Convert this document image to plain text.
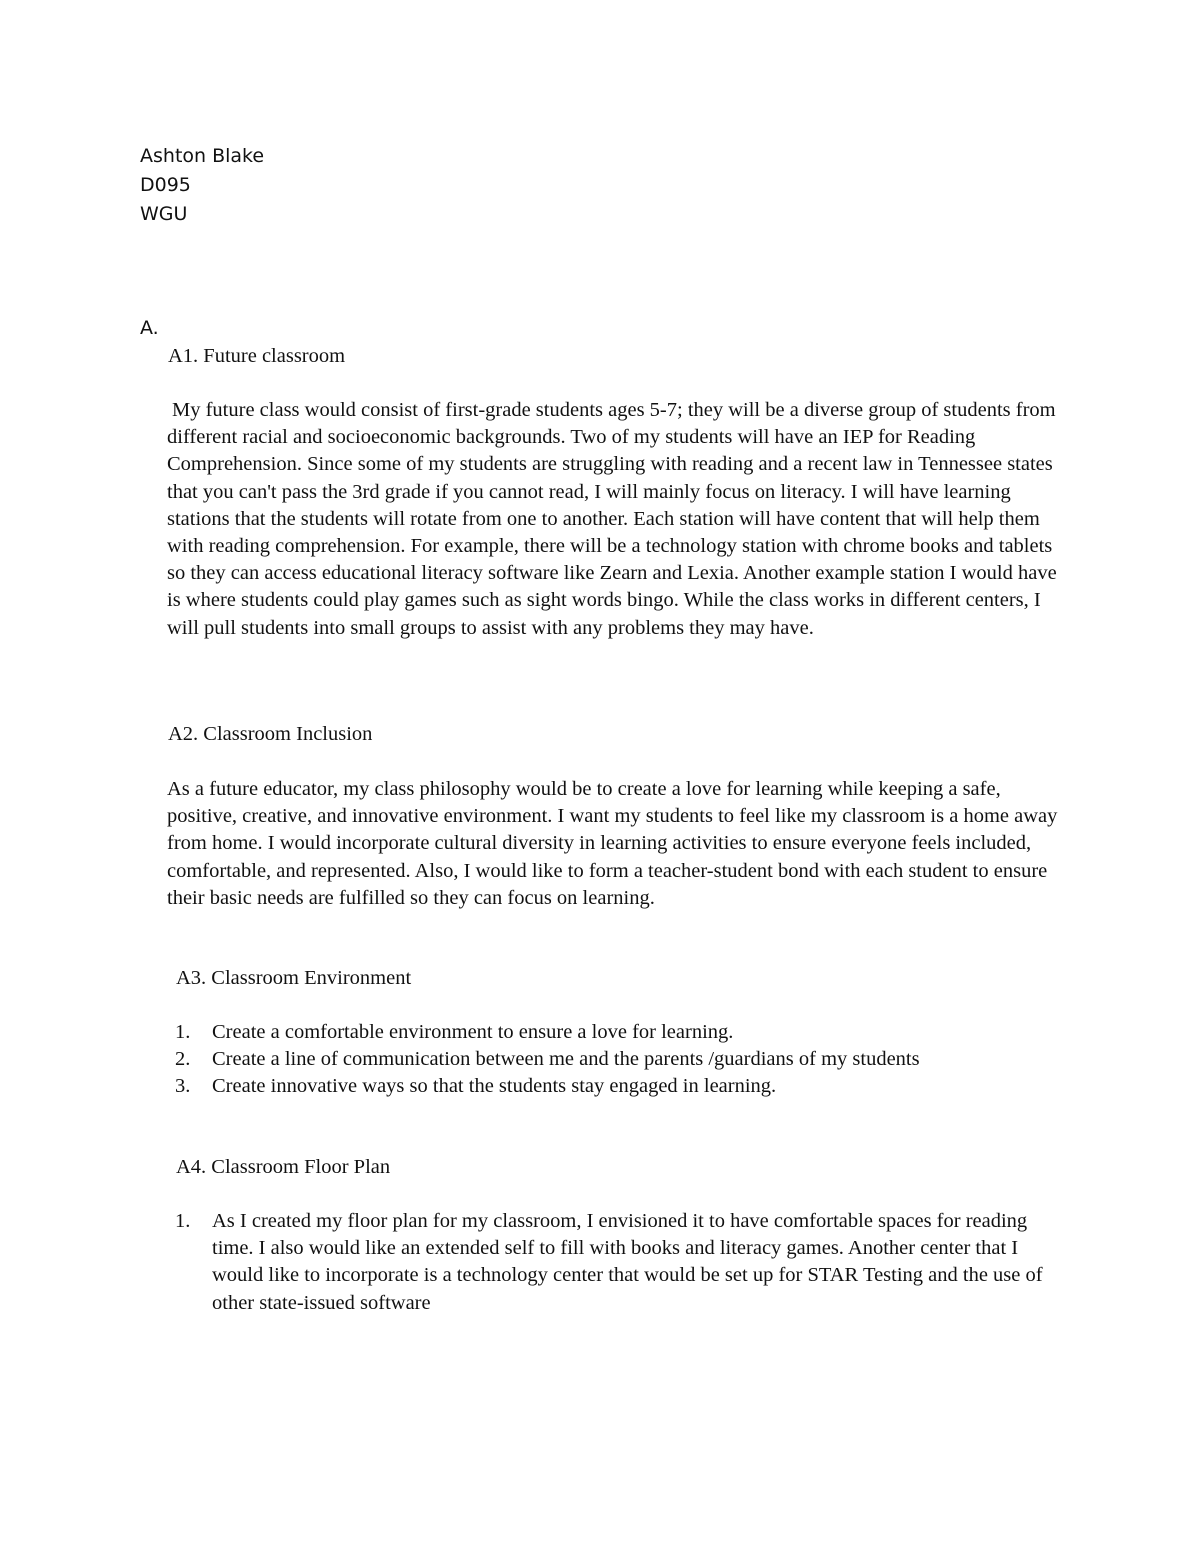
Ashton Blake
D095
WGU
A.
A1. Future classroom

My future class would consist of first-grade students ages 5-7; they will be a diverse group of students from different racial and socioeconomic backgrounds. Two of my students will have an IEP for Reading Comprehension. Since some of my students are struggling with reading and a recent law in Tennessee states that you can't pass the 3rd grade if you cannot read, I will mainly focus on literacy. I will have learning stations that the students will rotate from one to another. Each station will have content that will help them with reading comprehension. For example, there will be a technology station with chrome books and tablets so they can access educational literacy software like Zearn and Lexia. Another example station I would have is where students could play games such as sight words bingo. While the class works in different centers, I will pull students into small groups to assist with any problems they may have.

A2. Classroom Inclusion

As a future educator, my class philosophy would be to create a love for learning while keeping a safe, positive, creative, and innovative environment. I want my students to feel like my classroom is a home away from home. I would incorporate cultural diversity in learning activities to ensure everyone feels included, comfortable, and represented. Also, I would like to form a teacher-student bond with each student to ensure their basic needs are fulfilled so they can focus on learning.

A3. Classroom Environment
1. Create a comfortable environment to ensure a love for learning.
2. Create a line of communication between me and the parents /guardians of my students
3. Create innovative ways so that the students stay engaged in learning.
A4. Classroom Floor Plan
1. As I created my floor plan for my classroom, I envisioned it to have comfortable spaces for reading time. I also would like an extended self to fill with books and literacy games. Another center that I would like to incorporate is a technology center that would be set up for STAR Testing and the use of other state-issued software
